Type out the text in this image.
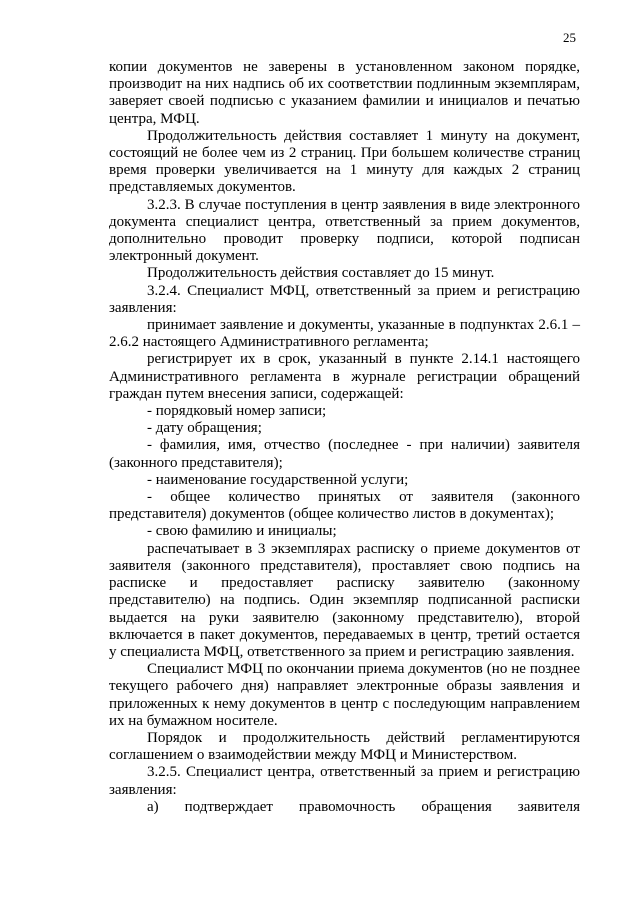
25

копии документов не заверены в установленном законом порядке, производит на них надпись об их соответствии подлинным экземплярам, заверяет своей подписью с указанием фамилии и инициалов и печатью центра, МФЦ.

Продолжительность действия составляет 1 минуту на документ, состоящий не более чем из 2 страниц. При большем количестве страниц время проверки увеличивается на 1 минуту для каждых 2 страниц представляемых документов.

3.2.3. В случае поступления в центр заявления в виде электронного документа специалист центра, ответственный за прием документов, дополнительно проводит проверку подписи, которой подписан электронный документ.

Продолжительность действия составляет до 15 минут.

3.2.4. Специалист МФЦ, ответственный за прием и регистрацию заявления:

принимает заявление и документы, указанные в подпунктах 2.6.1 – 2.6.2 настоящего Административного регламента;

регистрирует их в срок, указанный в пункте 2.14.1 настоящего Административного регламента в журнале регистрации обращений граждан путем внесения записи, содержащей:

- порядковый номер записи;

- дату обращения;

- фамилия, имя, отчество (последнее - при наличии) заявителя (законного представителя);

- наименование государственной услуги;

- общее количество принятых от заявителя (законного представителя) документов (общее количество листов в документах);

- свою фамилию и инициалы;

распечатывает в 3 экземплярах расписку о приеме документов от заявителя (законного представителя), проставляет свою подпись на расписке и предоставляет расписку заявителю (законному представителю) на подпись. Один экземпляр подписанной расписки выдается на руки заявителю (законному представителю), второй включается в пакет документов, передаваемых в центр, третий остается у специалиста МФЦ, ответственного за прием и регистрацию заявления.

Специалист МФЦ по окончании приема документов (но не позднее текущего рабочего дня) направляет электронные образы заявления и приложенных к нему документов в центр с последующим направлением их на бумажном носителе.

Порядок и продолжительность действий регламентируются соглашением о взаимодействии между МФЦ и Министерством.

3.2.5. Специалист центра, ответственный за прием и регистрацию заявления:

а) подтверждает правомочность обращения заявителя
